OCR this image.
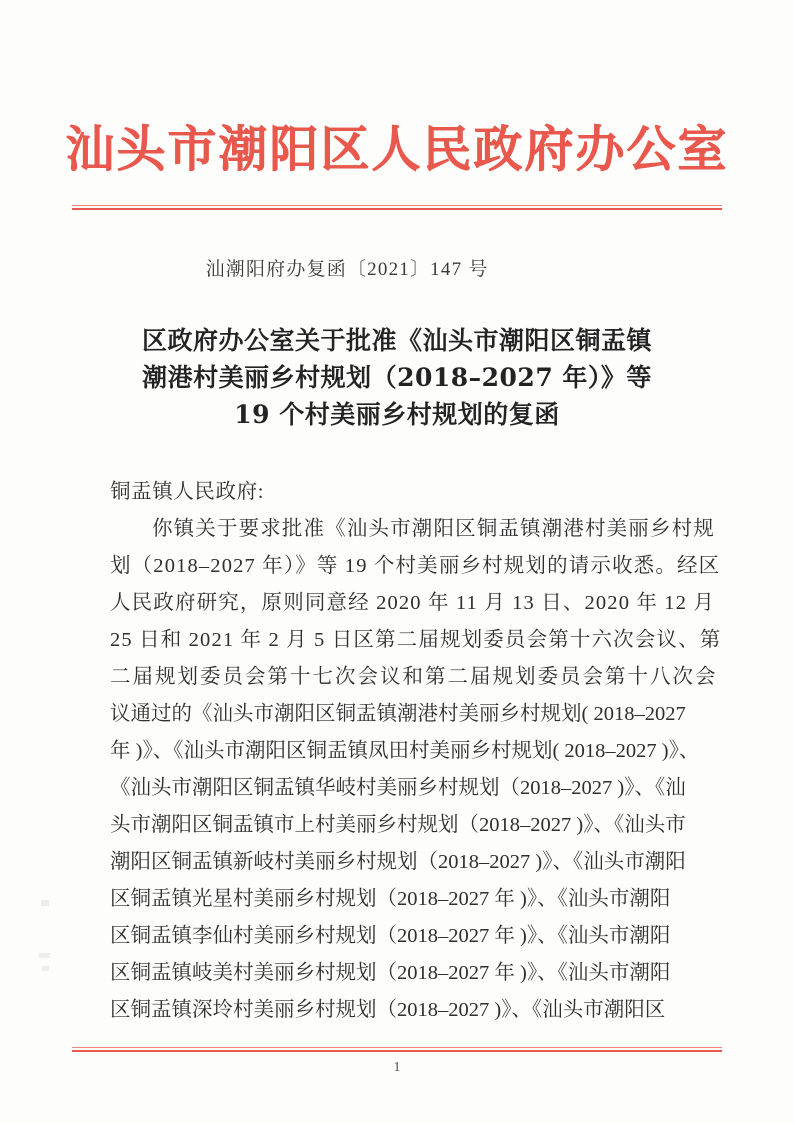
汕头市潮阳区人民政府办公室
汕潮阳府办复函〔2021〕147 号
区政府办公室关于批准《汕头市潮阳区铜盂镇
潮港村美丽乡村规划（2018–2027 年）》等
19 个村美丽乡村规划的复函
铜盂镇人民政府:
你镇关于要求批准《汕头市潮阳区铜盂镇潮港村美丽乡村规
划（2018–2027 年）》等 19 个村美丽乡村规划的请示收悉。经区
人民政府研究，原则同意经 2020 年 11 月 13 日、2020 年 12 月
25 日和 2021 年 2 月 5 日区第二届规划委员会第十六次会议、第
二届规划委员会第十七次会议和第二届规划委员会第十八次会
议通过的《汕头市潮阳区铜盂镇潮港村美丽乡村规划( 2018–2027
年 )》、《汕头市潮阳区铜盂镇凤田村美丽乡村规划( 2018–2027 )》、
《汕头市潮阳区铜盂镇华岐村美丽乡村规划（2018–2027 )》、《汕
头市潮阳区铜盂镇市上村美丽乡村规划（2018–2027 )》、《汕头市
潮阳区铜盂镇新岐村美丽乡村规划（2018–2027 )》、《汕头市潮阳
区铜盂镇光星村美丽乡村规划（2018–2027 年 )》、《汕头市潮阳
区铜盂镇李仙村美丽乡村规划（2018–2027 年 )》、《汕头市潮阳
区铜盂镇岐美村美丽乡村规划（2018–2027 年 )》、《汕头市潮阳
区铜盂镇深坽村美丽乡村规划（2018–2027 )》、《汕头市潮阳区
1
